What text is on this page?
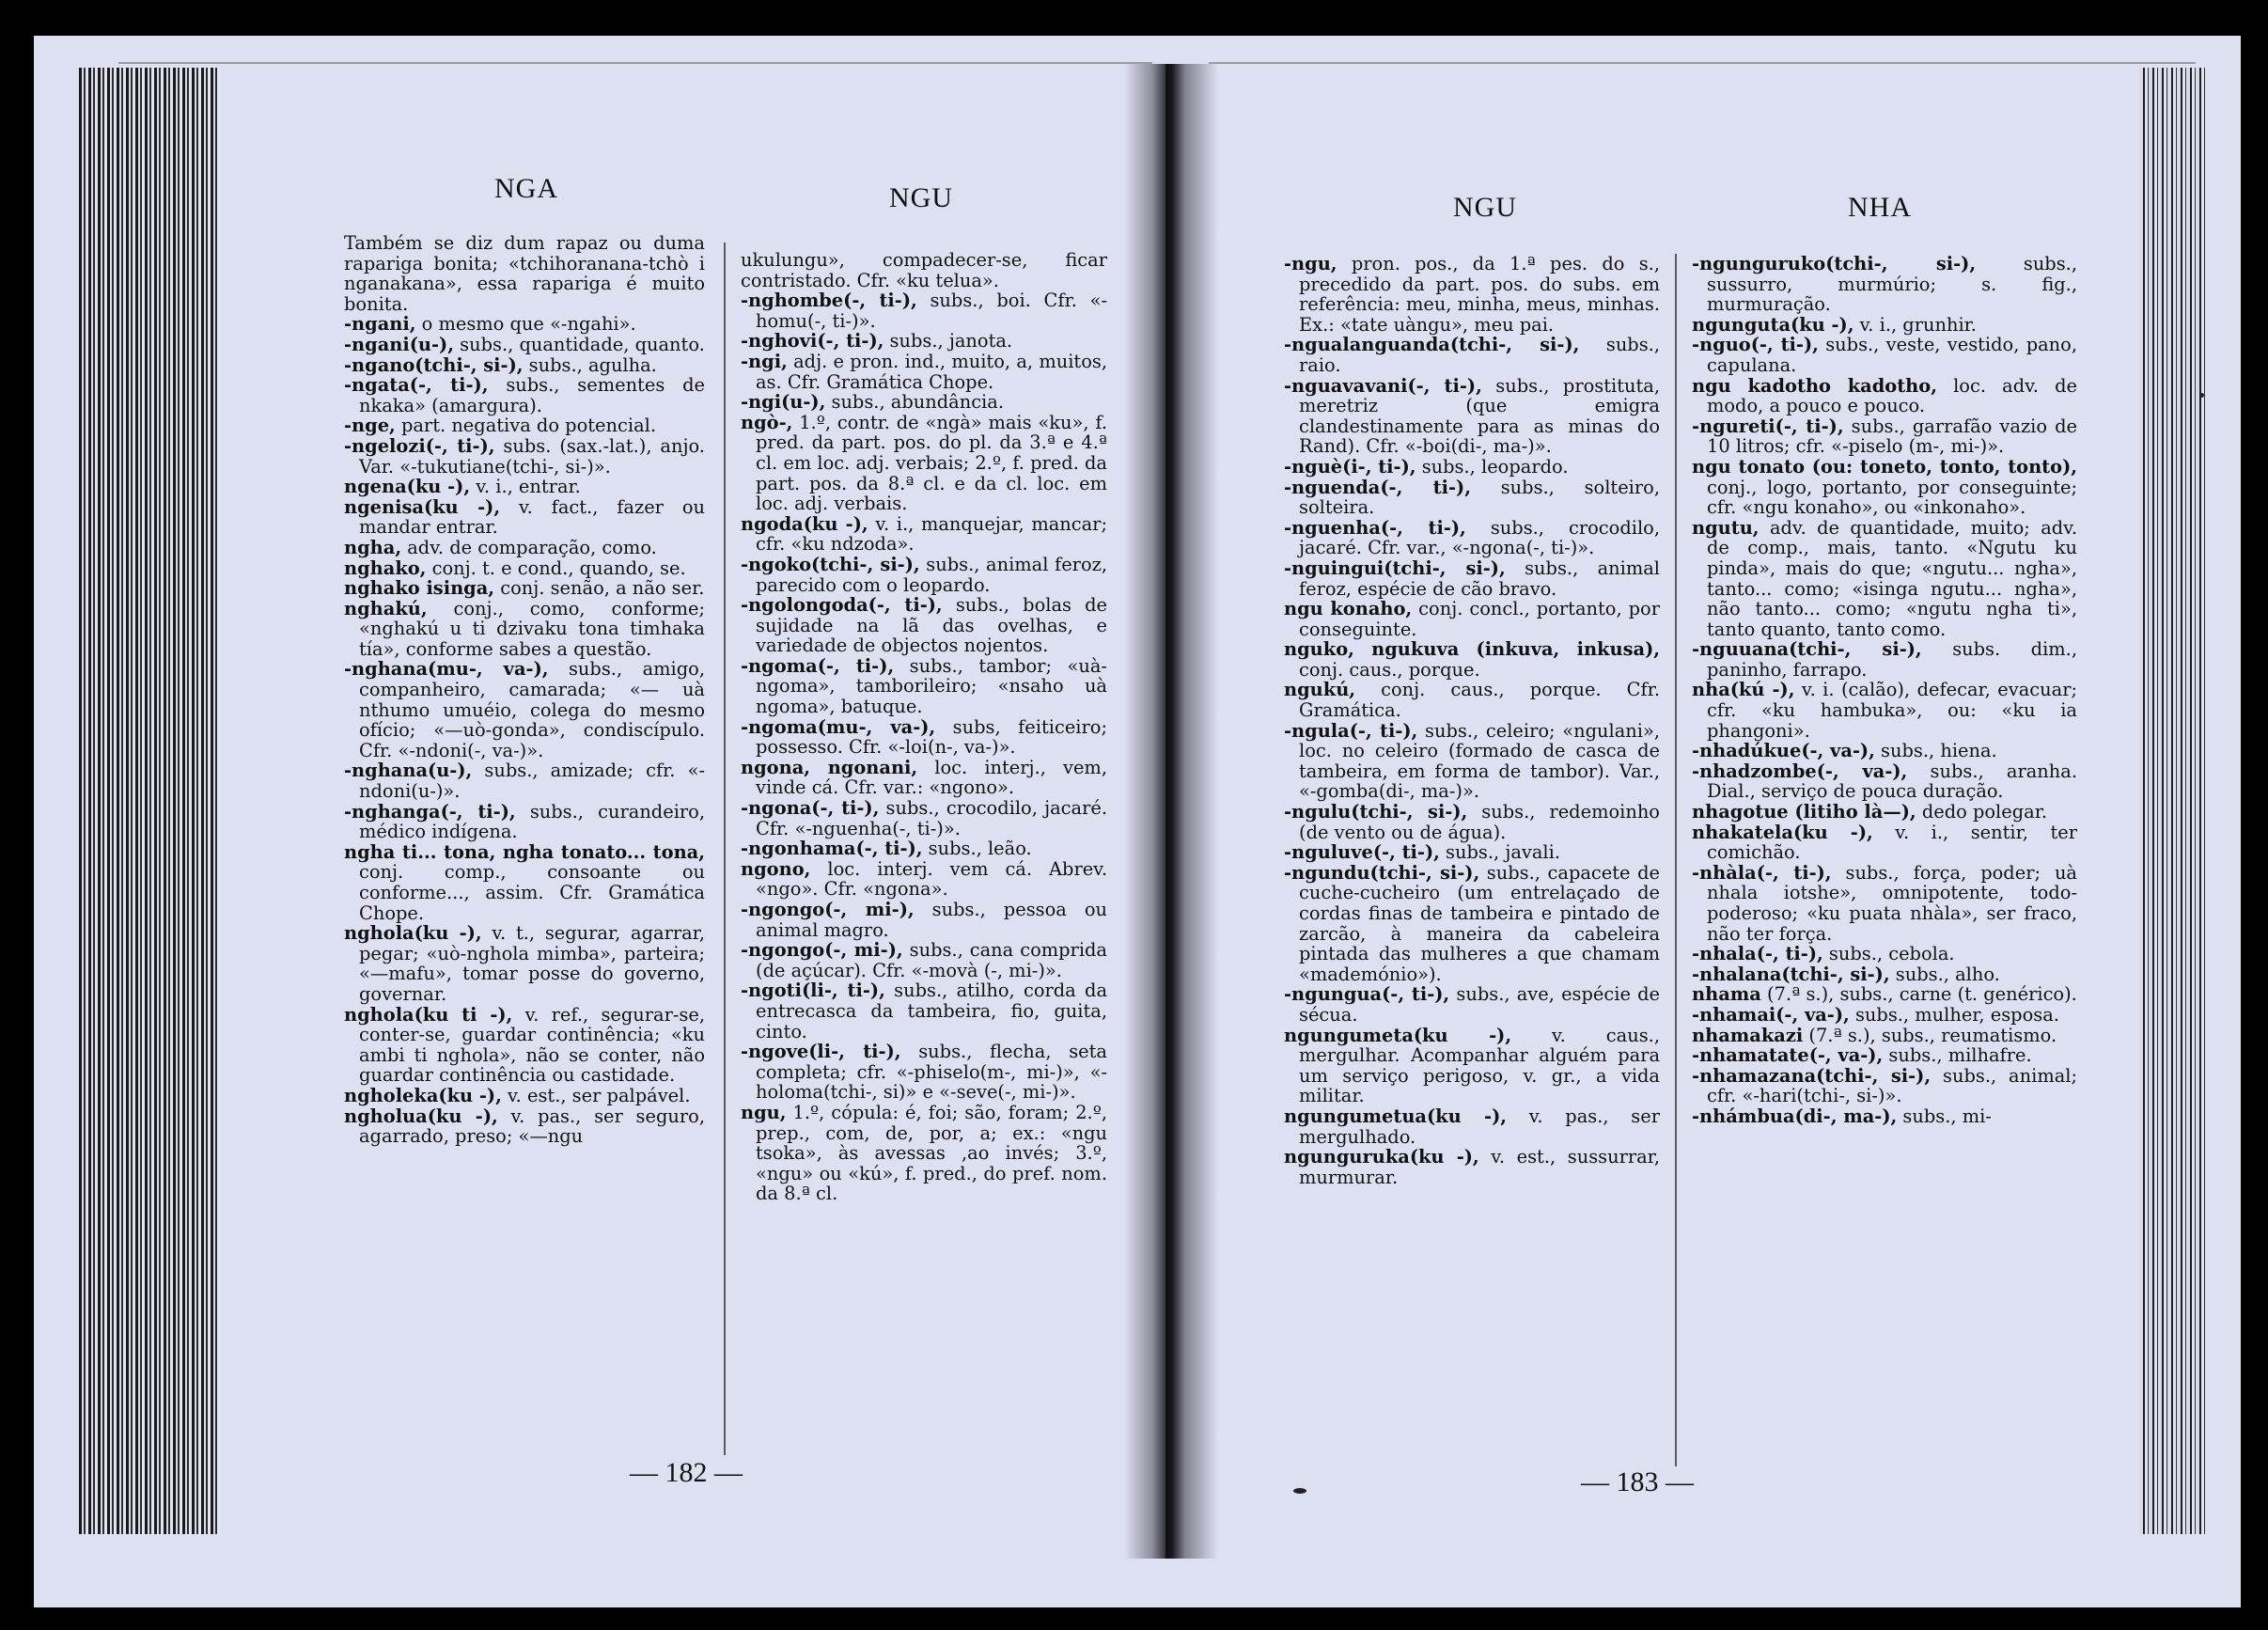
NGA	NGU

Também se diz dum rapaz ou duma rapariga bonita; «tchihoranana-tchò i nganakana», essa rapariga é muito bonita.

-ngani, o mesmo que «-ngahi».

-ngani(u-), subs., quantidade, quanto.

-ngano(tchi-, si-), subs., agulha.

-ngata(-, ti-), subs., sementes de nkaka» (amargura).

-nge, part. negativa do potencial.

-ngelozi(-, ti-), subs. (sax.-lat.), anjo. Var. «-tukutiane(tchi-, si-)».

ngena(ku -), v. i., entrar.

ngenisa(ku -), v. fact., fazer ou mandar entrar.

ngha, adv. de comparação, como.

nghako, conj. t. e cond., quando, se.

nghako isinga, conj. senão, a não ser.

nghakú, conj., como, conforme; «nghakú u ti dzivaku tona timhaka tía», conforme sabes a questão.

-nghana(mu-, va-), subs., amigo, companheiro, camarada; «— uà nthumo umuéio, colega do mesmo ofício; «—uò-gonda», condiscípulo. Cfr. «-ndoni(-, va-)».

-nghana(u-), subs., amizade; cfr. «-ndoni(u-)».

-nghanga(-, ti-), subs., curandeiro, médico indígena.

ngha ti... tona, ngha tonato... tona, conj. comp., consoante ou conforme..., assim. Cfr. Gramática Chope.

nghola(ku -), v. t., segurar, agarrar, pegar; «uò-nghola mimba», parteira; «—mafu», tomar posse do governo, governar.

nghola(ku ti -), v. ref., segurar-se, conter-se, guardar continência; «ku ambi ti nghola», não se conter, não guardar continência ou castidade.

ngholeka(ku -), v. est., ser palpável.

ngholua(ku -), v. pas., ser seguro, agarrado, preso; «—ngu

ukulungu», compadecer-se, ficar contristado. Cfr. «ku telua».

-nghombe(-, ti-), subs., boi. Cfr. «-homu(-, ti-)».

-nghovi(-, ti-), subs., janota.

-ngi, adj. e pron. ind., muito, a, muitos, as. Cfr. Gramática Chope.

-ngi(u-), subs., abundância.

ngò-, 1.º, contr. de «ngà» mais «ku», f. pred. da part. pos. do pl. da 3.ª e 4.ª cl. em loc. adj. verbais; 2.º, f. pred. da part. pos. da 8.ª cl. e da cl. loc. em loc. adj. verbais.

ngoda(ku -), v. i., manquejar, mancar; cfr. «ku ndzoda».

-ngoko(tchi-, si-), subs., animal feroz, parecido com o leopardo.

-ngolongoda(-, ti-), subs., bolas de sujidade na lã das ovelhas, e variedade de objectos nojentos.

-ngoma(-, ti-), subs., tambor; «uà-ngoma», tamborileiro; «nsaho uà ngoma», batuque.

-ngoma(mu-, va-), subs, feiticeiro; possesso. Cfr. «-loi(n-, va-)».

ngona, ngonani, loc. interj., vem, vinde cá. Cfr. var.: «ngono».

-ngona(-, ti-), subs., crocodilo, jacaré. Cfr. «-nguenha(-, ti-)».

-ngonhama(-, ti-), subs., leão.

ngono, loc. interj. vem cá. Abrev. «ngo». Cfr. «ngona».

-ngongo(-, mi-), subs., pessoa ou animal magro.

-ngongo(-, mi-), subs., cana comprida (de açúcar). Cfr. «-movà (-, mi-)».

-ngoti(li-, ti-), subs., atilho, corda da entrecasca da tambeira, fio, guita, cinto.

-ngove(li-, ti-), subs., flecha, seta completa; cfr. «-phiselo(m-, mi-)», «-holoma(tchi-, si)» e «-seve(-, mi-)».

ngu, 1.º, cópula: é, foi; são, foram; 2.º, prep., com, de, por, a; ex.: «ngu tsoka», às avessas ,ao invés; 3.º, «ngu» ou «kú», f. pred., do pref. nom. da 8.ª cl.

— 182 —
NGU	NHA

-ngu, pron. pos., da 1.ª pes. do s., precedido da part. pos. do subs. em referência: meu, minha, meus, minhas. Ex.: «tate uàngu», meu pai.

-ngualanguanda(tchi-, si-), subs., raio.

-nguavavani(-, ti-), subs., prostituta, meretriz (que emigra clandestinamente para as minas do Rand). Cfr. «-boi(di-, ma-)».

-nguè(i-, ti-), subs., leopardo.

-nguenda(-, ti-), subs., solteiro, solteira.

-nguenha(-, ti-), subs., crocodilo, jacaré. Cfr. var., «-ngona(-, ti-)».

-nguingui(tchi-, si-), subs., animal feroz, espécie de cão bravo.

ngu konaho, conj. concl., portanto, por conseguinte.

nguko, ngukuva (inkuva, inkusa), conj. caus., porque.

ngukú, conj. caus., porque. Cfr. Gramática.

-ngula(-, ti-), subs., celeiro; «ngulani», loc. no celeiro (formado de casca de tambeira, em forma de tambor). Var., «-gomba(di-, ma-)».

-ngulu(tchi-, si-), subs., redemoinho (de vento ou de água).

-nguluve(-, ti-), subs., javali.

-ngundu(tchi-, si-), subs., capacete de cuche-cucheiro (um entrelaçado de cordas finas de tambeira e pintado de zarcão, à maneira da cabeleira pintada das mulheres a que chamam «mademónio»).

-ngungua(-, ti-), subs., ave, espécie de sécua.

ngungumeta(ku -), v. caus., mergulhar. Acompanhar alguém para um serviço perigoso, v. gr., a vida militar.

ngungumetua(ku -), v. pas., ser mergulhado.

ngunguruka(ku -), v. est., sussurrar, murmurar.

-ngunguruko(tchi-, si-), subs., sussurro, murmúrio; s. fig., murmuração.

ngunguta(ku -), v. i., grunhir.

-nguo(-, ti-), subs., veste, vestido, pano, capulana.

ngu kadotho kadotho, loc. adv. de modo, a pouco e pouco.

-ngureti(-, ti-), subs., garrafão vazio de 10 litros; cfr. «-piselo (m-, mi-)».

ngu tonato (ou: toneto, tonto, tonto), conj., logo, portanto, por conseguinte; cfr. «ngu konaho», ou «inkonaho».

ngutu, adv. de quantidade, muito; adv. de comp., mais, tanto. «Ngutu ku pinda», mais do que; «ngutu... ngha», tanto... como; «isinga ngutu... ngha», não tanto... como; «ngutu ngha ti», tanto quanto, tanto como.

-nguuana(tchi-, si-), subs. dim., paninho, farrapo.

nha(kú -), v. i. (calão), defecar, evacuar; cfr. «ku hambuka», ou: «ku ia phangoni».

-nhadúkue(-, va-), subs., hiena.

-nhadzombe(-, va-), subs., aranha. Dial., serviço de pouca duração.

nhagotue (litiho là—), dedo polegar.

nhakatela(ku -), v. i., sentir, ter comichão.

-nhàla(-, ti-), subs., força, poder; uà nhala iotshe», omnipotente, todo-poderoso; «ku puata nhàla», ser fraco, não ter força.

-nhala(-, ti-), subs., cebola.

-nhalana(tchi-, si-), subs., alho.

nhama (7.ª s.), subs., carne (t. genérico).

-nhamai(-, va-), subs., mulher, esposa.

nhamakazi (7.ª s.), subs., reumatismo.

-nhamatate(-, va-), subs., milhafre.

-nhamazana(tchi-, si-), subs., animal; cfr. «-hari(tchi-, si-)».

-nhámbua(di-, ma-), subs., mi-

— 183 —
